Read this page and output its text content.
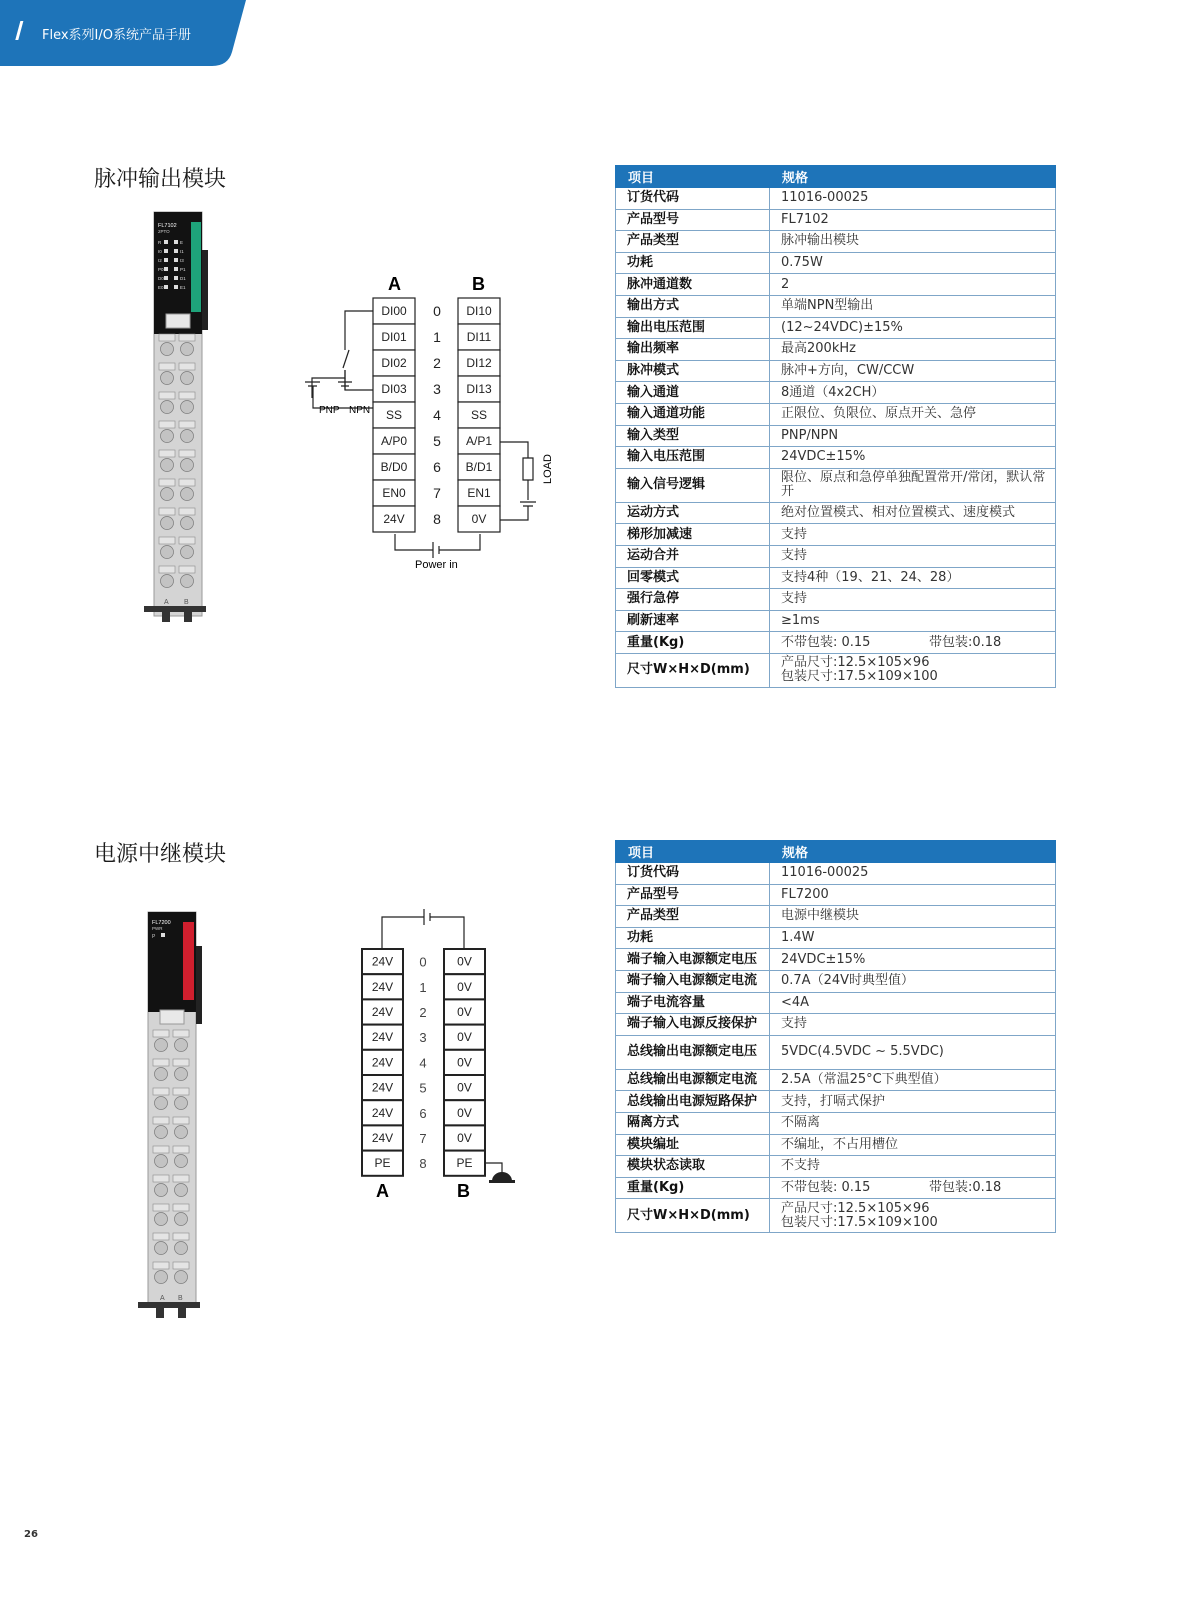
Flex系列I/O系统产品手册
脉冲输出模块
FL7102
2PTO
R	E
I0	I1
I2	I3
P0	P1
D0	D1
E0	E1
A B
A	B
DI00	DI10
0
DI01	DI11
1
DI02	DI12
2
DI03	DI13
3
SS	SS
4
A/P0	A/P1
5
B/D0	B/D1
6
EN0	EN1
7
24V	0V
8
PNP NPN
LOAD
Power in
项目	规格
订货代码	11016-00025
产品型号	FL7102
产品类型	脉冲输出模块
功耗	0.75W
脉冲通道数	2
输出方式	单端NPN型输出
输出电压范围	(12~24VDC)±15%
输出频率	最高200kHz
脉冲模式	脉冲+方向，CW/CCW
输入通道	8通道（4x2CH）
输入通道功能	正限位、负限位、原点开关、急停
输入类型	PNP/NPN
输入电压范围	24VDC±15%
输入信号逻辑	限位、原点和急停单独配置常开/常闭，默认常开
运动方式	绝对位置模式、相对位置模式、速度模式
梯形加减速	支持
运动合并	支持
回零模式	支持4种（19、21、24、28）
强行急停	支持
刷新速率	≥1ms
重量(Kg)	不带包装: 0.15 带包装:0.18
尺寸W×H×D(mm)	产品尺寸:12.5×105×96
包装尺寸:17.5×109×100
电源中继模块
FL7200
PWR
P
A B
24V	0V
0
24V	0V
1
24V	0V
2
24V	0V
3
24V	0V
4
24V	0V
5
24V	0V
6
24V	0V
7
PE	PE
8
A	B
项目	规格
订货代码	11016-00025
产品型号	FL7200
产品类型	电源中继模块
功耗	1.4W
端子输入电源额定电压	24VDC±15%
端子输入电源额定电流	0.7A（24V时典型值）
端子电流容量	<4A
端子输入电源反接保护	支持
总线输出电源额定电压	5VDC(4.5VDC ~ 5.5VDC)
总线输出电源额定电流	2.5A（常温25°C下典型值）
总线输出电源短路保护	支持，打嗝式保护
隔离方式	不隔离
模块编址	不编址，不占用槽位
模块状态读取	不支持
重量(Kg)	不带包装: 0.15 带包装:0.18
尺寸W×H×D(mm)	产品尺寸:12.5×105×96
包装尺寸:17.5×109×100
26
